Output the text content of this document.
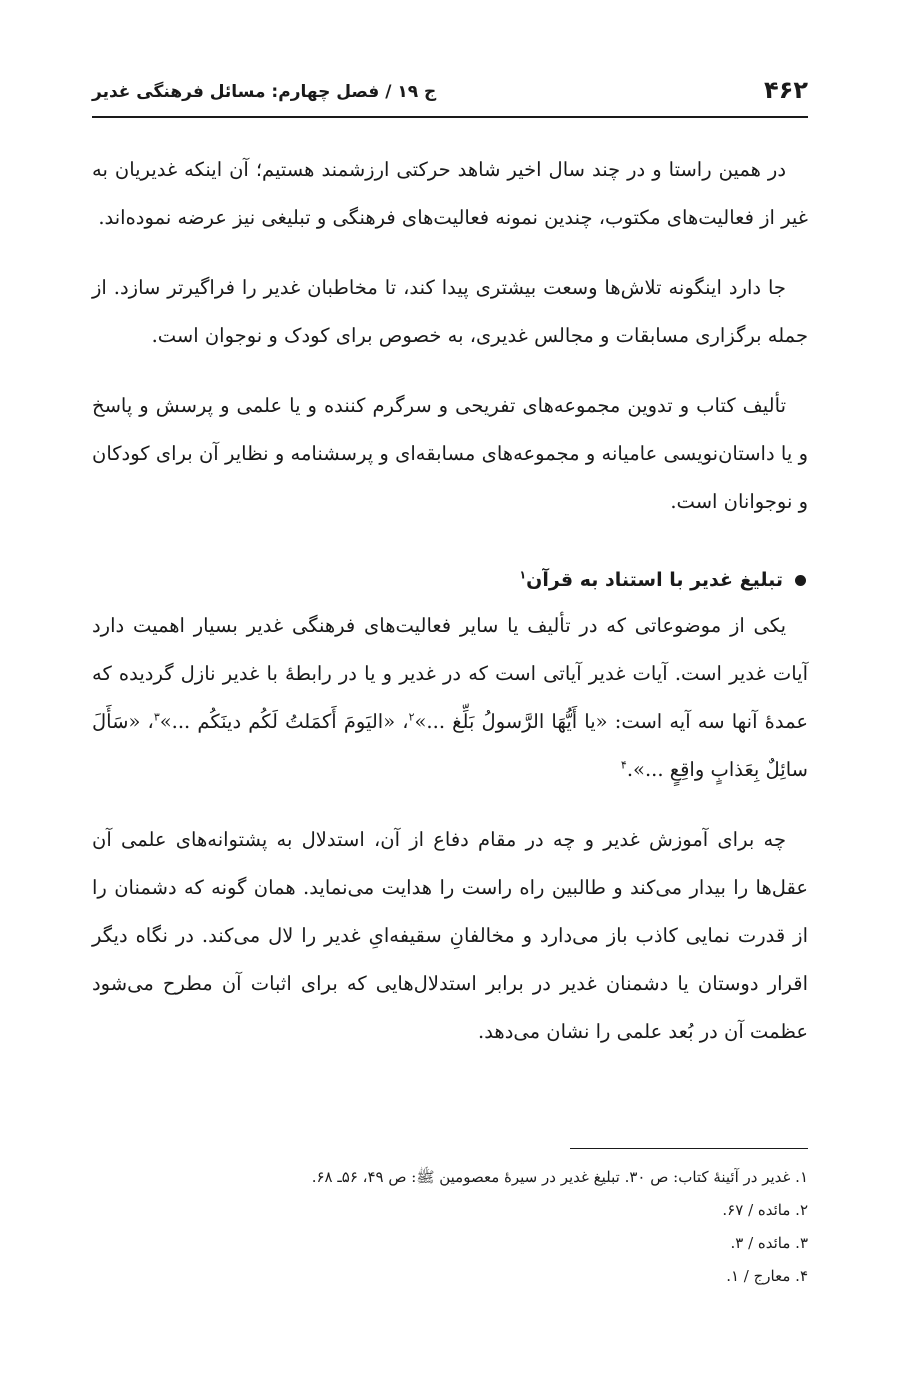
۴۶۲
ج ۱۹ / فصل چهارم: مسائل فرهنگی غدیر

در همین راستا و در چند سال اخیر شاهد حرکتی ارزشمند هستیم؛ آن اینکه غدیریان به غیر از فعالیت‌های مکتوب، چندین نمونه فعالیت‌های فرهنگی و تبلیغی نیز عرضه نموده‌اند.

جا دارد اینگونه تلاش‌ها وسعت بیشتری پیدا کند، تا مخاطبان غدیر را فراگیرتر سازد. از جمله برگزاری مسابقات و مجالس غدیری، به خصوص برای کودک و نوجوان است.

تألیف کتاب و تدوین مجموعه‌های تفریحی و سرگرم کننده و یا علمی و پرسش و پاسخ و یا داستان‌نویسی عامیانه و مجموعه‌های مسابقه‌ای و پرسشنامه و نظایر آن برای کودکان و نوجوانان است.

تبلیغ غدیر با استناد به قرآن$^۱$

یکی از موضوعاتی که در تألیف یا سایر فعالیت‌های فرهنگی غدیر بسیار اهمیت دارد آیات غدیر است. آیات غدیر آیاتی است که در غدیر و یا در رابطهٔ با غدیر نازل گردیده که عمدهٔ آنها سه آیه است: «یا أَیُّهَا الرَّسولُ بَلِّغ ...»$^۲$، «الیَومَ أَکمَلتُ لَکُم دینَکُم ...»$^۳$، «سَأَلَ سائِلٌ بِعَذابٍ واقِعٍ ...».$^۴$

چه برای آموزش غدیر و چه در مقام دفاع از آن، استدلال به پشتوانه‌های علمی آن عقل‌ها را بیدار می‌کند و طالبین راه راست را هدایت می‌نماید. همان گونه که دشمنان را از قدرت نمایی کاذب باز می‌دارد و مخالفانِ سقیفه‌ایِ غدیر را لال می‌کند. در نگاه دیگر اقرار دوستان یا دشمنان غدیر در برابر استدلال‌هایی که برای اثبات آن مطرح می‌شود عظمت آن در بُعد علمی را نشان می‌دهد.

۱. غدیر در آئینهٔ کتاب: ص ۳۰. تبلیغ غدیر در سیرهٔ معصومین ﷺ: ص ۴۹، ۵۶ـ ۶۸.

۲. مائده / ۶۷.

۳. مائده / ۳.

۴. معارج / ۱.
